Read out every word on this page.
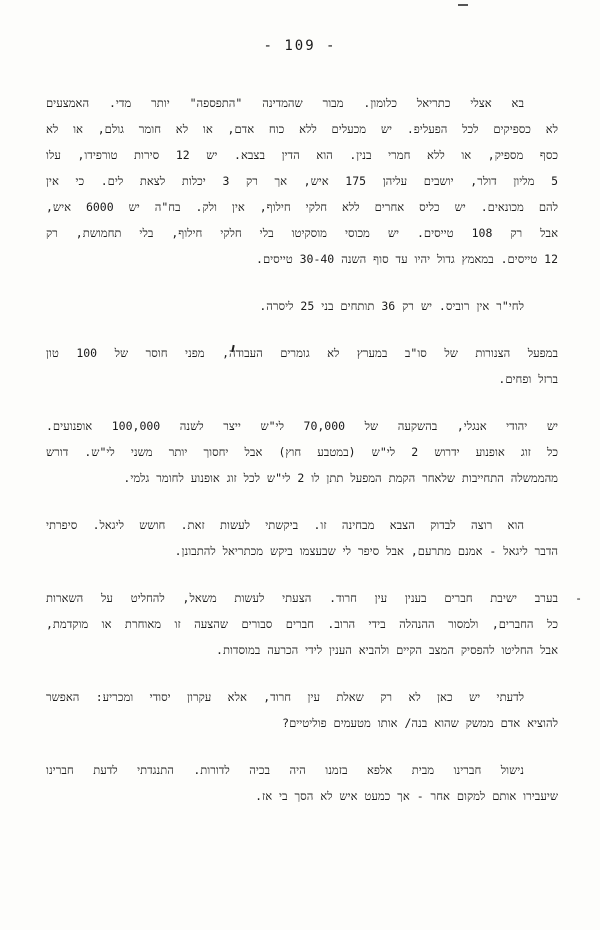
- 109 -
בא אצלי כתריאל כלומון. מבור שהמדינה "התפספה" יותר מדי. האמצעים
לא כספיקים לכל הפעליפ. יש מכעלים ללא כוח אדם, או לא חומר גולם, או לא
כסף מספיק, או ללא חמרי בנין. הוא הדין בצבא. יש 12 סירות טורפידו, עלו
5 מליון דולר, יושבים עליהן 175 איש, אך רק 3 יכלות לצאת לים. כי אין
להם מכונאים. יש כליס אחרים ללא חלקי חילוף, אין ולק. בח"ה יש 6000 איש,
אבל רק 108 טייסים. יש מכוסי מוסקיטו בלי חלקי חילוף, בלי תחמושת, רק
12 טייסים. במאמץ גדול יהיו עד סוף השנה 30-40 טייסים.
לחי"ר אין רוביס. יש רק 36 תותחים בני 25 ליסרה.
במפעל הצנורות של סו"ב במערץ לא גומרים העבודה, מפני חוסר של 100 טון
ברזל ופחים.
יש יהודי אנגלי, בהשקעה של 70,000 לי"ש ייצר לשנה 100,000 אופנועים.
כל זוג אופנוע ידרוש 2 לי"ש (במטבע חוץ) אבל יחסוך יותר משני לי"ש. דורש
מהממשלה התחייבות שלאחר הקמת המפעל תתן לו 2 לי"ש לכל זוג אופנוע לחומר גלמי.
הוא רוצה לבדוק הצבא מבחינה זו. ביקשתי לעשות זאת. חושש ליגאל. סיפרתי
הדבר ליגאל - אמנם מתרעם, אבל סיפר לי שבעצמו ביקש מכתריאל להתבונן.
-
בערב ישיבת חברים בענין עין חרוד. הצעתי לעשות משאל, להחליט על השארות
כל החברים, ולמסור ההנהלה בידי הרוב. חברים סבורים שהצעה זו מאוחרת או מוקדמת,
אבל החליטו להפסיק המצב הקיים ולהביא הענין לידי הכרעה במוסדות.
לדעתי יש כאן לא רק שאלת עין חרוד, אלא עקרון יסודי ומכריע: האפשר
להוציא אדם ממשק שהוא בנה/ אותו מטעמים פוליטיים?
נישול חברינו מבית אלפא בזמנו היה בכיה לדורות. התנגדתי לדעת חברינו
שיעבירו אותם למקום אחר - אך כמעט איש לא הסך בי אז.
